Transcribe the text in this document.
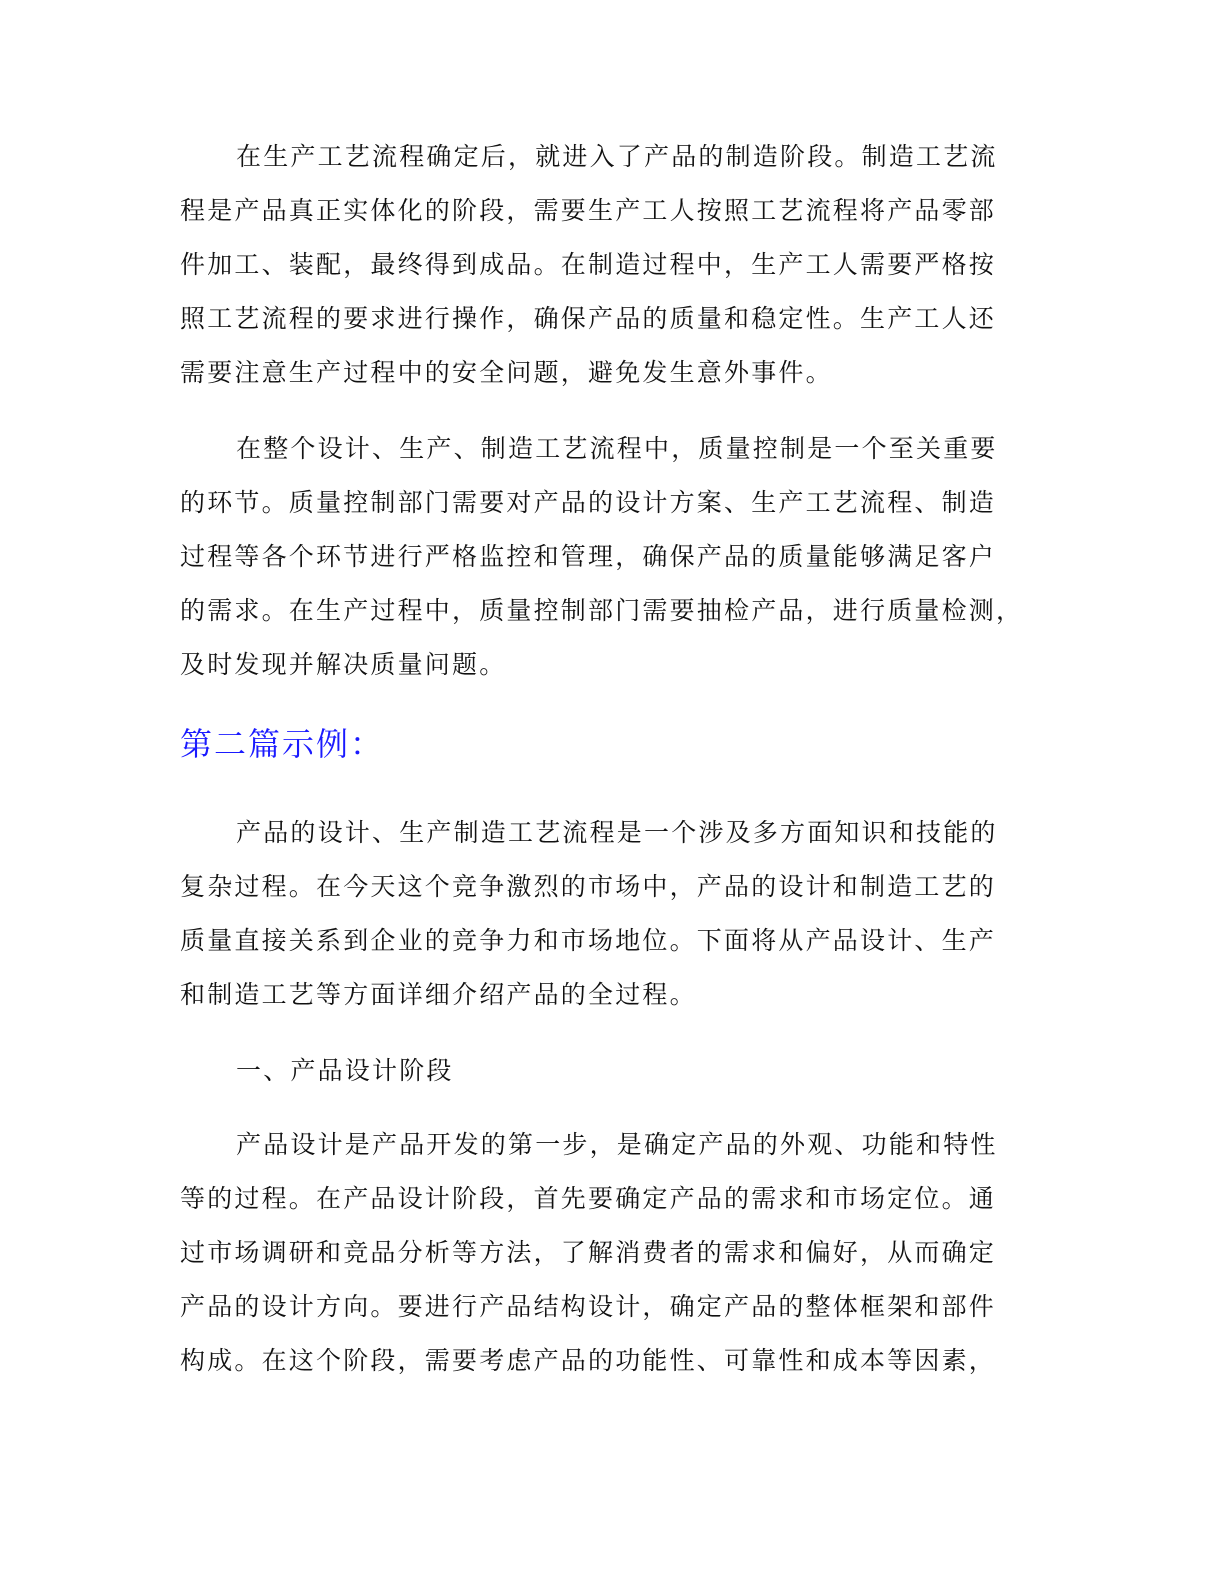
在生产工艺流程确定后，就进入了产品的制造阶段。制造工艺流
程是产品真正实体化的阶段，需要生产工人按照工艺流程将产品零部
件加工、装配，最终得到成品。在制造过程中，生产工人需要严格按
照工艺流程的要求进行操作，确保产品的质量和稳定性。生产工人还
需要注意生产过程中的安全问题，避免发生意外事件。
在整个设计、生产、制造工艺流程中，质量控制是一个至关重要
的环节。质量控制部门需要对产品的设计方案、生产工艺流程、制造
过程等各个环节进行严格监控和管理，确保产品的质量能够满足客户
的需求。在生产过程中，质量控制部门需要抽检产品，进行质量检测，
及时发现并解决质量问题。
第二篇示例：
产品的设计、生产制造工艺流程是一个涉及多方面知识和技能的
复杂过程。在今天这个竞争激烈的市场中，产品的设计和制造工艺的
质量直接关系到企业的竞争力和市场地位。下面将从产品设计、生产
和制造工艺等方面详细介绍产品的全过程。
一、产品设计阶段
产品设计是产品开发的第一步，是确定产品的外观、功能和特性
等的过程。在产品设计阶段，首先要确定产品的需求和市场定位。通
过市场调研和竞品分析等方法，了解消费者的需求和偏好，从而确定
产品的设计方向。要进行产品结构设计，确定产品的整体框架和部件
构成。在这个阶段，需要考虑产品的功能性、可靠性和成本等因素，
